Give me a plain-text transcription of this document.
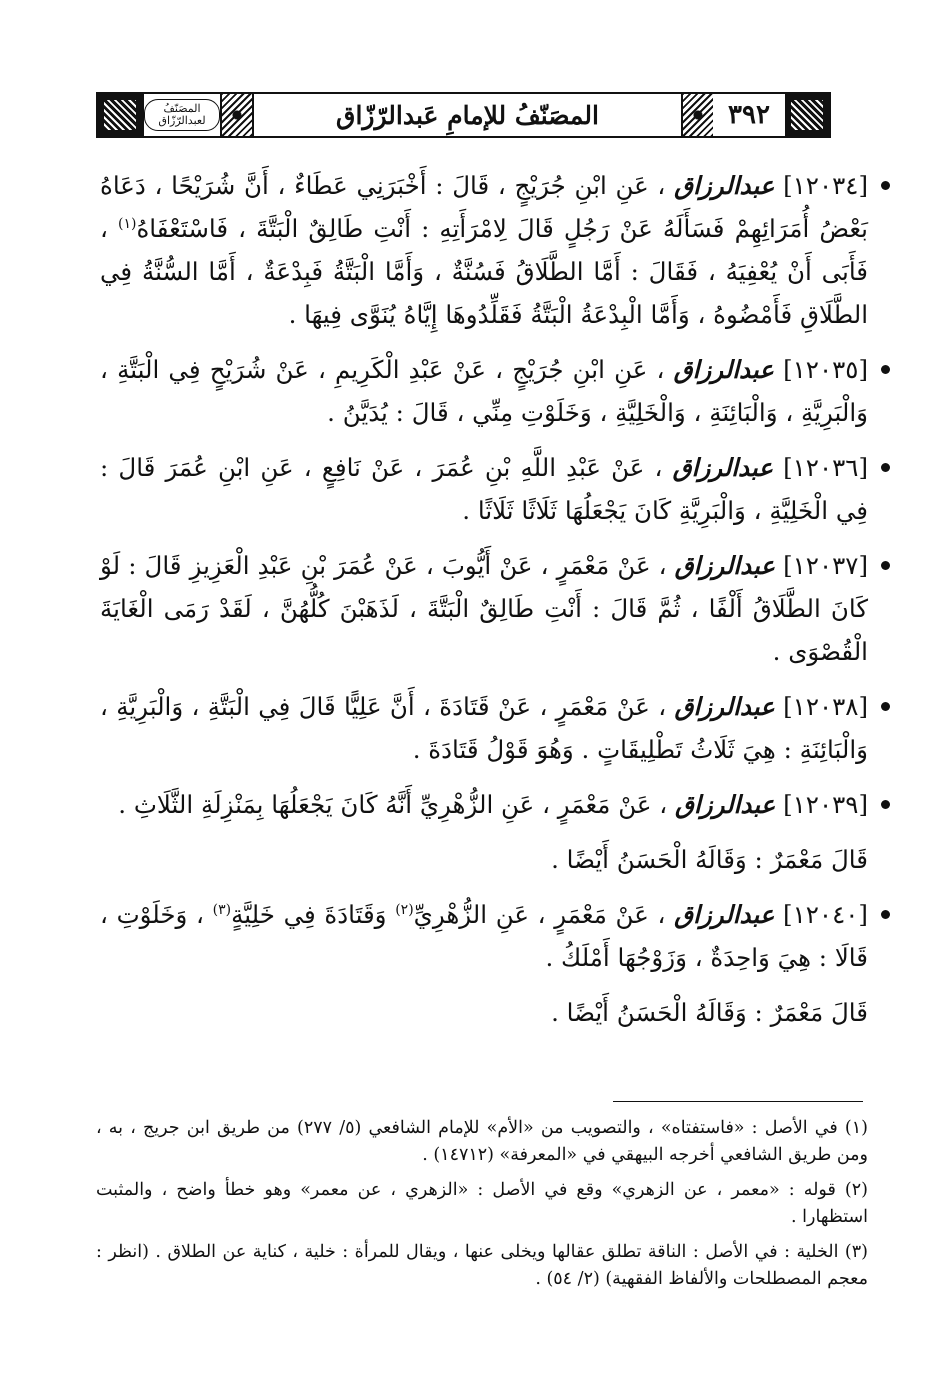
المصَنّفُ لعبدالرّزّاق	المصَنّفُ للإمامِ عَبدالرّزّاق	٣٩٢
[١٢٠٣٤] عبدالرزاق ، عَنِ ابْنِ جُرَيْجٍ ، قَالَ : أَخْبَرَنِي عَطَاءٌ ، أَنَّ شُرَيْحًا ، دَعَاهُ بَعْضُ أُمَرَائِهِمْ فَسَأَلَهُ عَنْ رَجُلٍ قَالَ لِامْرَأَتِهِ : أَنْتِ طَالِقٌ الْبَتَّةَ ، فَاسْتَعْفَاهُ$^{(١)}$ ، فَأَبَى أَنْ يُعْفِيَهُ ، فَقَالَ : أَمَّا الطَّلَاقُ فَسُنَّةٌ ، وَأَمَّا الْبَتَّةُ فَبِدْعَةٌ ، أَمَّا السُّنَّةُ فِي الطَّلَاقِ فَأَمْضُوهُ ، وَأَمَّا الْبِدْعَةُ الْبَتَّةُ فَقَلِّدُوهَا إِيَّاهُ يُنَوَّى فِيهَا .
[١٢٠٣٥] عبدالرزاق ، عَنِ ابْنِ جُرَيْجٍ ، عَنْ عَبْدِ الْكَرِيمِ ، عَنْ شُرَيْحٍ فِي الْبَتَّةِ ، وَالْبَرِيَّةِ ، وَالْبَائِنَةِ ، وَالْخَلِيَّةِ ، وَخَلَوْتِ مِنِّي ، قَالَ : يُدَيَّنُ .
[١٢٠٣٦] عبدالرزاق ، عَنْ عَبْدِ اللَّهِ بْنِ عُمَرَ ، عَنْ نَافِعٍ ، عَنِ ابْنِ عُمَرَ قَالَ : فِي الْخَلِيَّةِ ، وَالْبَرِيَّةِ كَانَ يَجْعَلُهَا ثَلَاثًا ثَلَاثًا .
[١٢٠٣٧] عبدالرزاق ، عَنْ مَعْمَرٍ ، عَنْ أَيُّوبَ ، عَنْ عُمَرَ بْنِ عَبْدِ الْعَزِيزِ قَالَ : لَوْ كَانَ الطَّلَاقُ أَلْفًا ، ثُمَّ قَالَ : أَنْتِ طَالِقٌ الْبَتَّةَ ، لَذَهَبْنَ كُلُّهُنَّ ، لَقَدْ رَمَى الْغَايَةَ الْقُصْوَى .
[١٢٠٣٨] عبدالرزاق ، عَنْ مَعْمَرٍ ، عَنْ قَتَادَةَ ، أَنَّ عَلِيًّا قَالَ فِي الْبَتَّةِ ، وَالْبَرِيَّةِ ، وَالْبَائِنَةِ : هِيَ ثَلَاثُ تَطْلِيقَاتٍ . وَهُوَ قَوْلُ قَتَادَةَ .
[١٢٠٣٩] عبدالرزاق ، عَنْ مَعْمَرٍ ، عَنِ الزُّهْرِيِّ أَنَّهُ كَانَ يَجْعَلُهَا بِمَنْزِلَةِ الثَّلَاثِ .
قَالَ مَعْمَرٌ : وَقَالَهُ الْحَسَنُ أَيْضًا .
[١٢٠٤٠] عبدالرزاق ، عَنْ مَعْمَرٍ ، عَنِ الزُّهْرِيِّ$^{(٢)}$ وَقَتَادَةَ فِي خَلِيَّةٍ$^{(٣)}$ ، وَخَلَوْتِ ، قَالَا : هِيَ وَاحِدَةٌ ، وَزَوْجُهَا أَمْلَكُ .
قَالَ مَعْمَرٌ : وَقَالَهُ الْحَسَنُ أَيْضًا .
(١) في الأصل : «فاستفتاه» ، والتصويب من «الأم» للإمام الشافعي (٥/ ٢٧٧) من طريق ابن جريج ، به ، ومن طريق الشافعي أخرجه البيهقي في «المعرفة» (١٤٧١٢) .
(٢) قوله : «معمر ، عن الزهري» وقع في الأصل : «الزهري ، عن معمر» وهو خطأ واضح ، والمثبت استظهارا .
(٣) الخلية : في الأصل : الناقة تطلق عقالها ويخلى عنها ، ويقال للمرأة : خلية ، كناية عن الطلاق . (انظر : معجم المصطلحات والألفاظ الفقهية) (٢/ ٥٤) .
